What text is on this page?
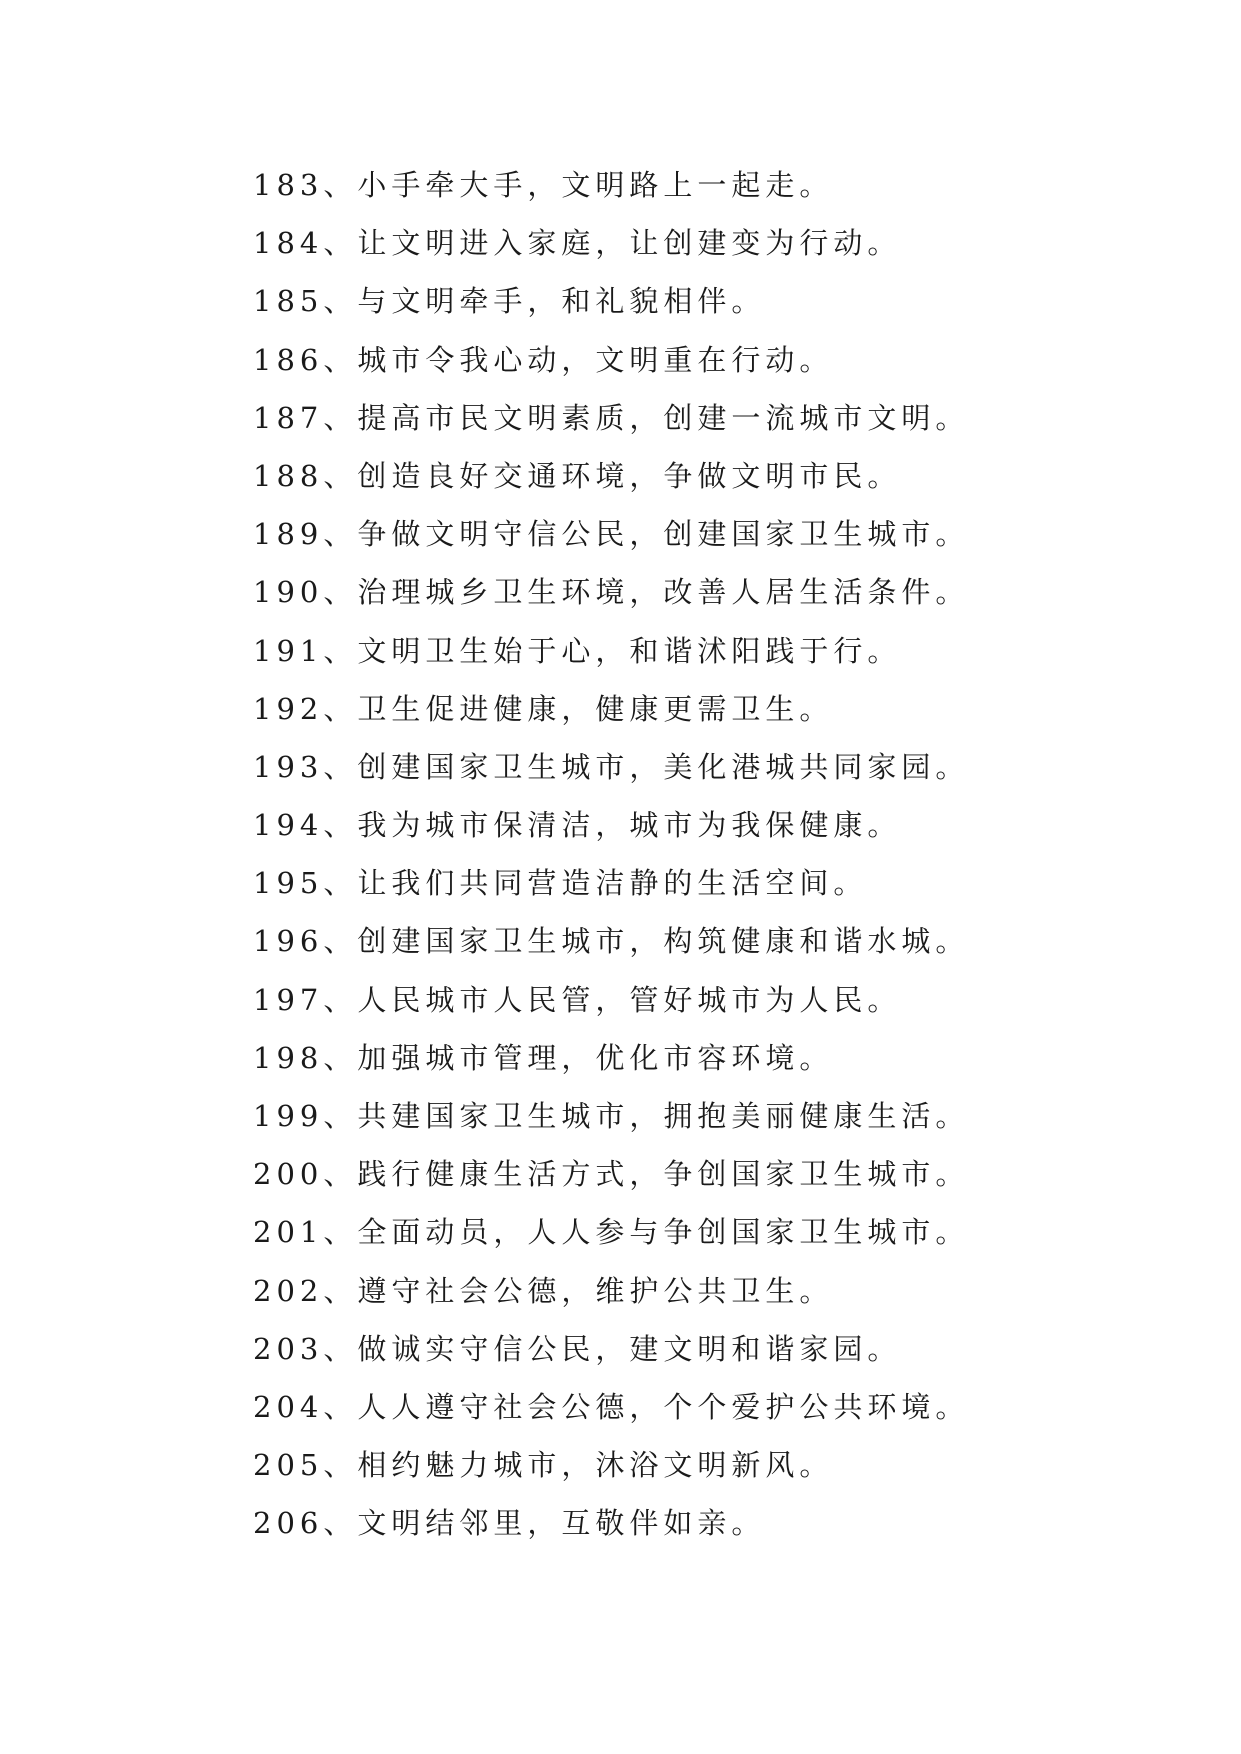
183、小手牵大手，文明路上一起走。
184、让文明进入家庭，让创建变为行动。
185、与文明牵手，和礼貌相伴。
186、城市令我心动，文明重在行动。
187、提高市民文明素质，创建一流城市文明。
188、创造良好交通环境，争做文明市民。
189、争做文明守信公民，创建国家卫生城市。
190、治理城乡卫生环境，改善人居生活条件。
191、文明卫生始于心，和谐沭阳践于行。
192、卫生促进健康，健康更需卫生。
193、创建国家卫生城市，美化港城共同家园。
194、我为城市保清洁，城市为我保健康。
195、让我们共同营造洁静的生活空间。
196、创建国家卫生城市，构筑健康和谐水城。
197、人民城市人民管，管好城市为人民。
198、加强城市管理，优化市容环境。
199、共建国家卫生城市，拥抱美丽健康生活。
200、践行健康生活方式，争创国家卫生城市。
201、全面动员，人人参与争创国家卫生城市。
202、遵守社会公德，维护公共卫生。
203、做诚实守信公民，建文明和谐家园。
204、人人遵守社会公德，个个爱护公共环境。
205、相约魅力城市，沐浴文明新风。
206、文明结邻里，互敬伴如亲。
